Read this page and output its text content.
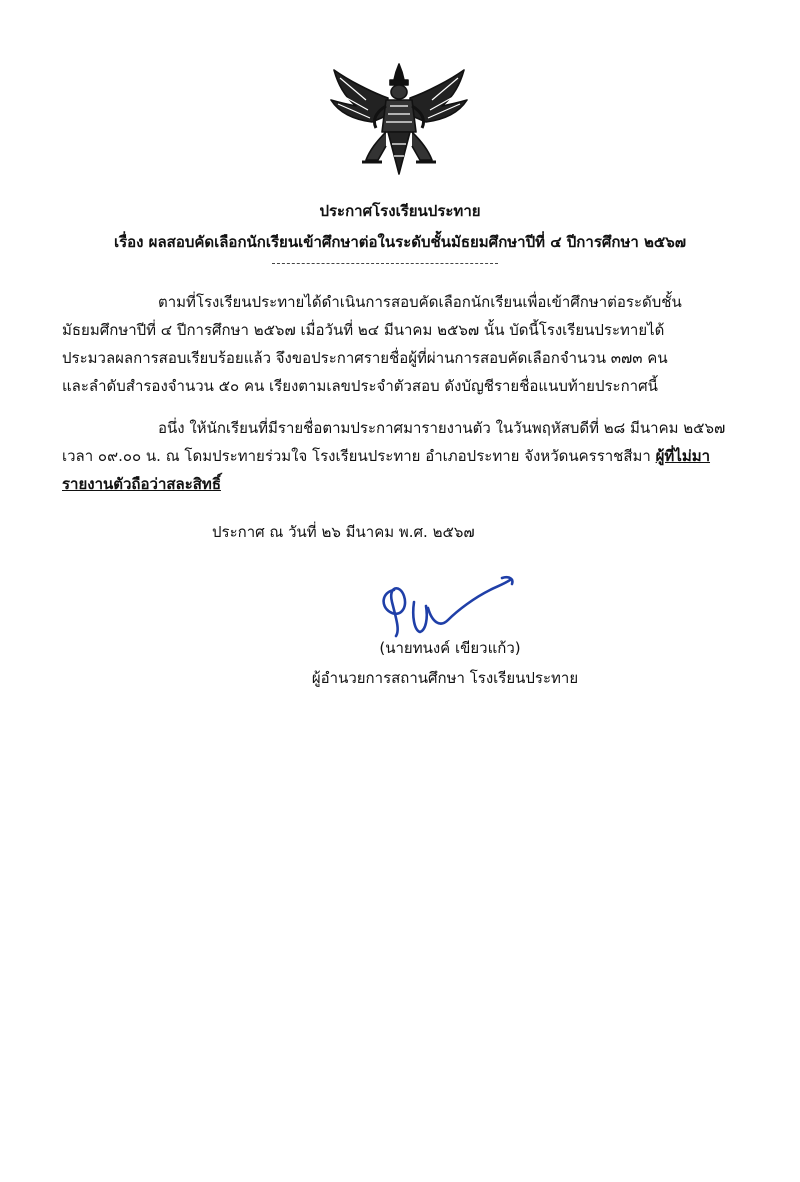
ประกาศโรงเรียนประทาย
เรื่อง ผลสอบคัดเลือกนักเรียนเข้าศึกษาต่อในระดับชั้นมัธยมศึกษาปีที่ ๔ ปีการศึกษา ๒๕๖๗
ตามที่โรงเรียนประทายได้ดำเนินการสอบคัดเลือกนักเรียนเพื่อเข้าศึกษาต่อระดับชั้น
มัธยมศึกษาปีที่ ๔ ปีการศึกษา ๒๕๖๗ เมื่อวันที่ ๒๔ มีนาคม ๒๕๖๗ นั้น บัดนี้โรงเรียนประทายได้
ประมวลผลการสอบเรียบร้อยแล้ว จึงขอประกาศรายชื่อผู้ที่ผ่านการสอบคัดเลือกจำนวน ๓๗๓ คน
และลำดับสำรองจำนวน ๕๐ คน เรียงตามเลขประจำตัวสอบ ดังบัญชีรายชื่อแนบท้ายประกาศนี้
อนึ่ง ให้นักเรียนที่มีรายชื่อตามประกาศมารายงานตัว ในวันพฤหัสบดีที่ ๒๘ มีนาคม ๒๕๖๗
เวลา ๐๙.๐๐ น. ณ โดมประทายร่วมใจ โรงเรียนประทาย อำเภอประทาย จังหวัดนครราชสีมา ผู้ที่ไม่มา
รายงานตัวถือว่าสละสิทธิ์
ประกาศ ณ วันที่ ๒๖ มีนาคม พ.ศ. ๒๕๖๗
(นายทนงค์ เขียวแก้ว)
ผู้อำนวยการสถานศึกษา โรงเรียนประทาย
